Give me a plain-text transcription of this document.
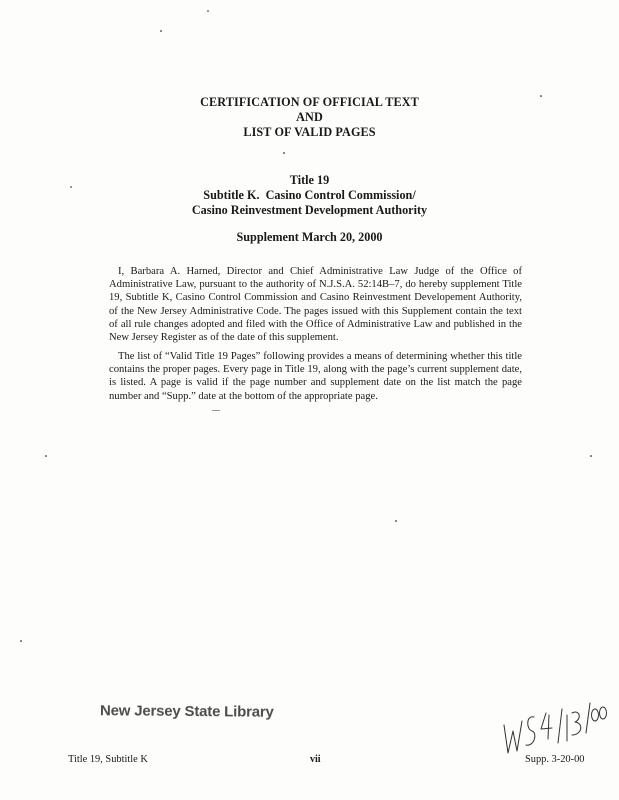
CERTIFICATION OF OFFICIAL TEXT
AND
LIST OF VALID PAGES
Title 19
Subtitle K.  Casino Control Commission/
Casino Reinvestment Development Authority
Supplement March 20, 2000

I, Barbara A. Harned, Director and Chief Administrative Law Judge of the Office of Administrative Law, pursuant to the authority of N.J.S.A. 52:14B–7, do hereby supplement Title 19, Subtitle K, Casino Control Commission and Casino Reinvestment Developement Authority, of the New Jersey Administrative Code. The pages issued with this Supplement contain the text of all rule changes adopted and filed with the Office of Administrative Law and published in the New Jersey Register as of the date of this supplement.

The list of “Valid Title 19 Pages” following provides a means of determining whether this title contains the proper pages. Every page in Title 19, along with the page’s current supplement date, is listed. A page is valid if the page number and supplement date on the list match the page number and “Supp.” date at the bottom of the appropriate page.

New Jersey State Library
Title 19, Subtitle K	vii	Supp. 3-20-00
